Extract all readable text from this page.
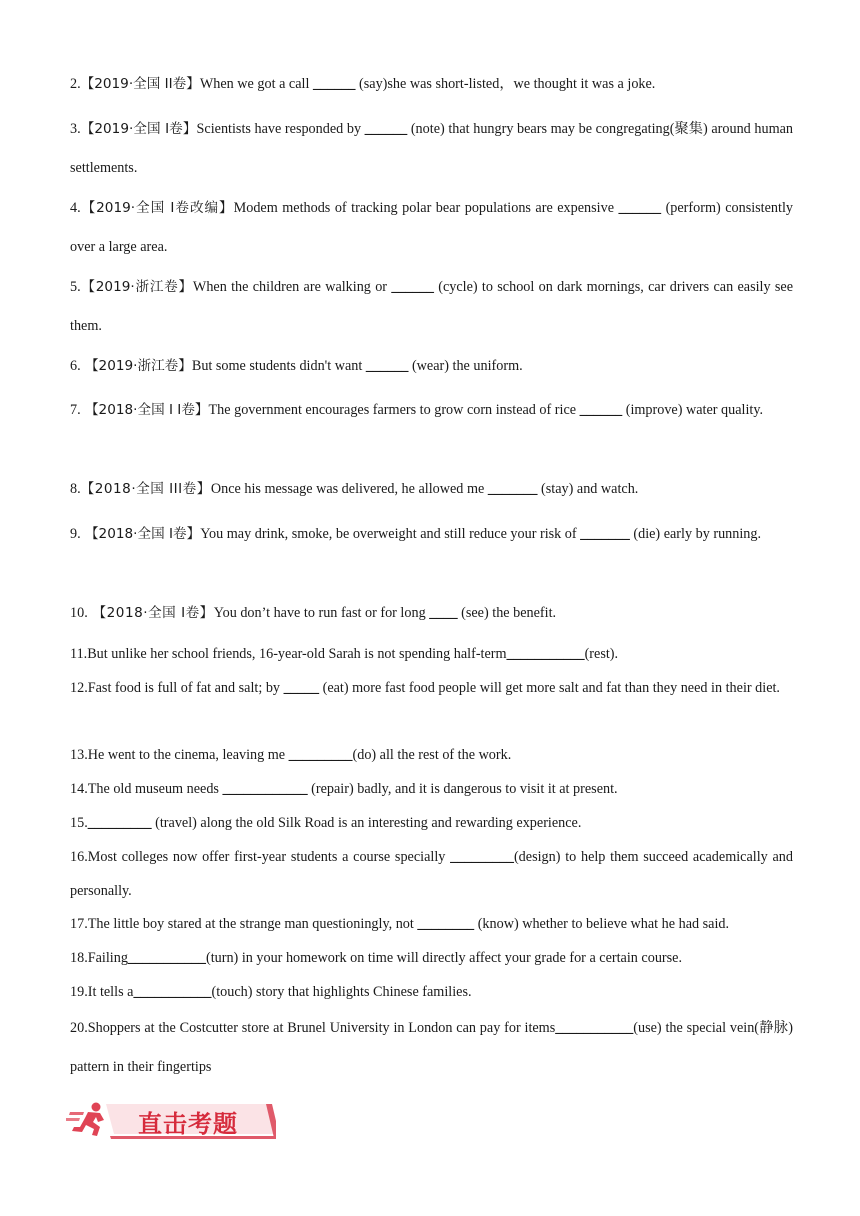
2.【2019·全国 II卷】When we got a call ______ (say)she was short-listed，we thought it was a joke.
3.【2019·全国 I卷】Scientists have responded by ______ (note) that hungry bears may be congregating(聚集) around human settlements.
4.【2019·全国 I卷改编】Modem methods of tracking polar bear populations are expensive ______ (perform) consistently over a large area.
5.【2019·浙江卷】When the children are walking or ______ (cycle) to school on dark mornings, car drivers can easily see them.
6. 【2019·浙江卷】But some students didn't want ______ (wear) the uniform.
7. 【2018·全国 I I卷】The government encourages farmers to grow corn instead of rice ______ (improve) water quality.
8.【2018·全国 III卷】Once his message was delivered, he allowed me _______ (stay) and watch.
9. 【2018·全国 I卷】You may drink, smoke, be overweight and still reduce your risk of _______ (die) early by running.
10. 【2018·全国 I卷】You don’t have to run fast or for long ____ (see) the benefit.
11.But unlike her school friends, 16-year-old Sarah is not spending half-term___________(rest).
12.Fast food is full of fat and salt; by _____ (eat) more fast food people will get more salt and fat than they need in their diet.
13.He went to the cinema, leaving me _________(do) all the rest of the work.
14.The old museum needs ____________ (repair) badly, and it is dangerous to visit it at present.
15._________ (travel) along the old Silk Road is an interesting and rewarding experience.
16.Most colleges now offer first-year students a course specially _________(design) to help them succeed academically and personally.
17.The little boy stared at the strange man questioningly, not ________ (know) whether to believe what he had said.
18.Failing___________(turn) in your homework on time will directly affect your grade for a certain course.
19.It tells a___________(touch) story that highlights Chinese families.
20.Shoppers at the Costcutter store at Brunel University in London can pay for items___________(use) the special vein(静脉) pattern in their fingertips
直击考题
